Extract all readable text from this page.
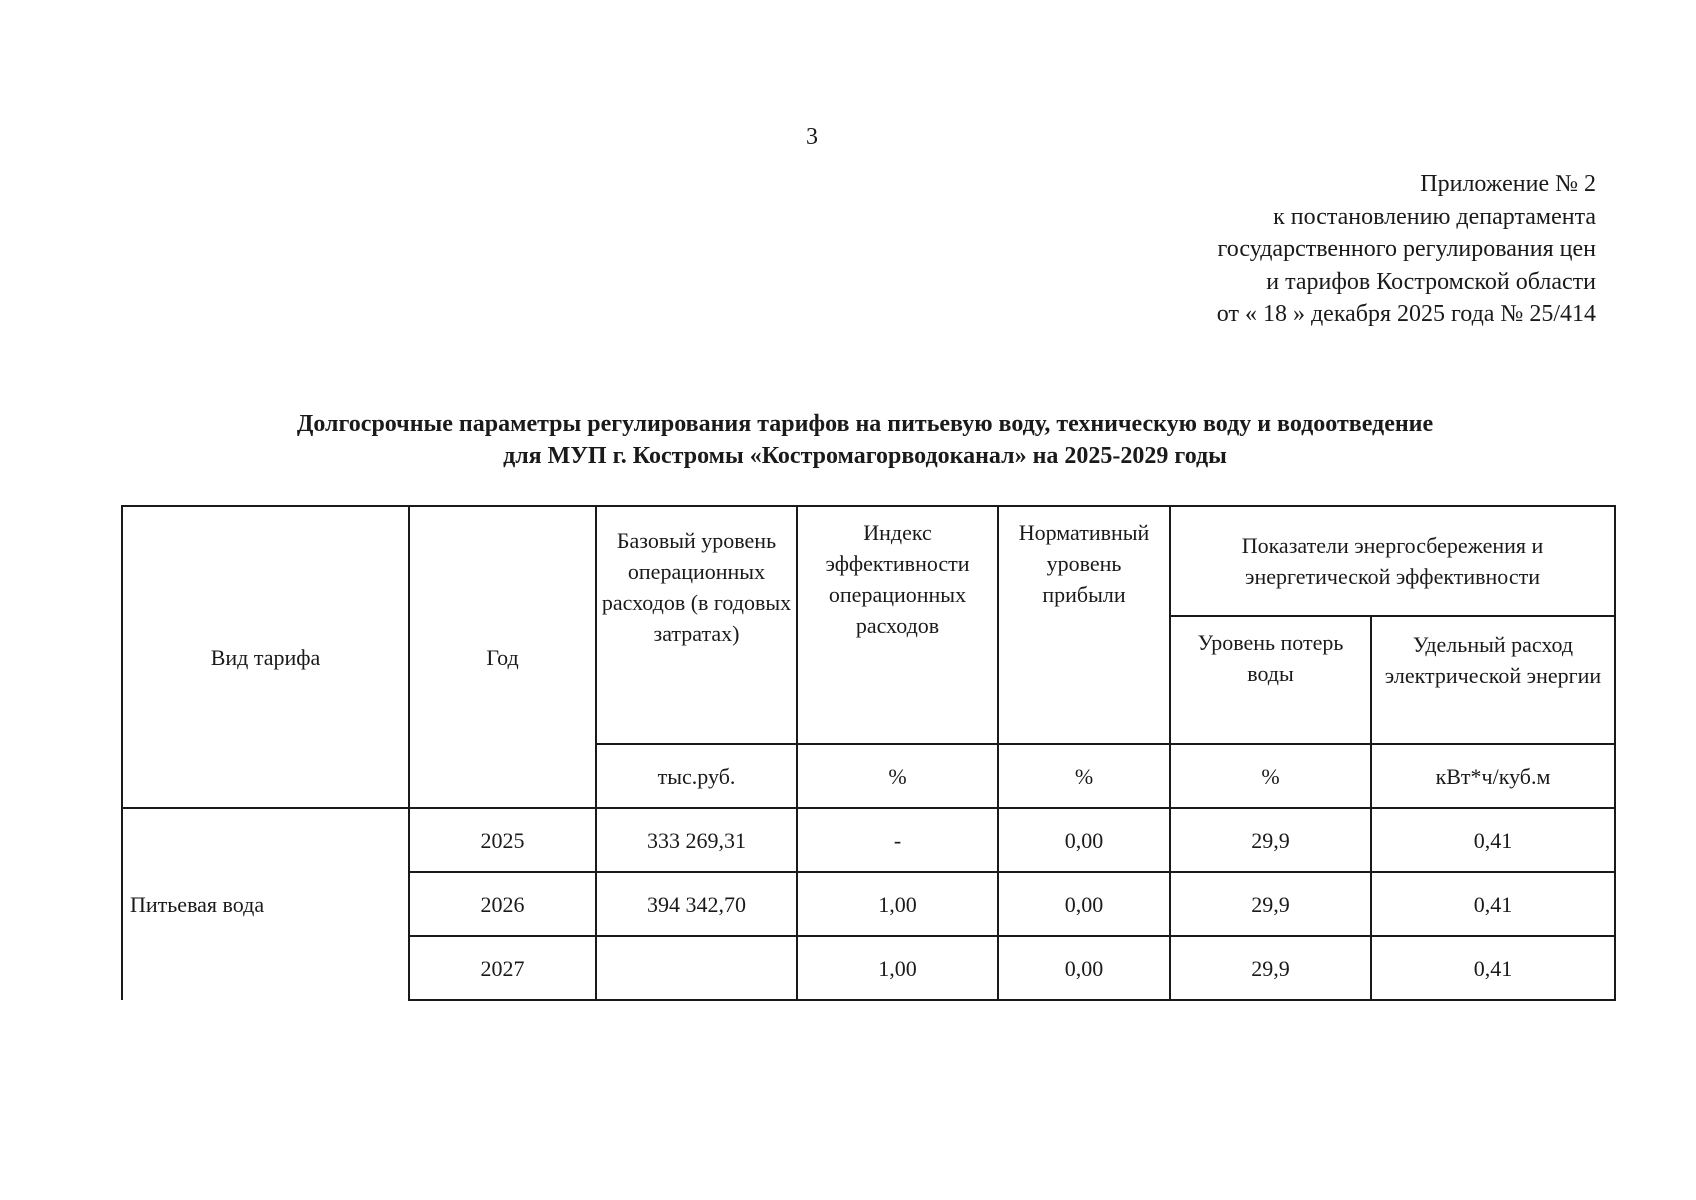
3
Приложение № 2
к постановлению департамента
государственного регулирования цен
и тарифов Костромской области
от « 18 » декабря 2025 года № 25/414
Долгосрочные параметры регулирования тарифов на питьевую воду, техническую воду и водоотведение
для МУП г. Костромы «Костромагорводоканал» на 2025-2029 годы
Вид тарифа	Год	Базовый уровень операционных расходов (в годовых затратах)	Индекс эффективности операционных расходов	Нормативный уровень прибыли	Показатели энергосбережения и энергетической эффективности	
					Уровень потерь воды	Удельный расход электрической энергии
		тыс.руб.	%	%	%	кВт*ч/куб.м
Питьевая вода	2025	333 269,31	-	0,00	29,9	0,41
	2026	394 342,70	1,00	0,00	29,9	0,41
	2027		1,00	0,00	29,9	0,41
